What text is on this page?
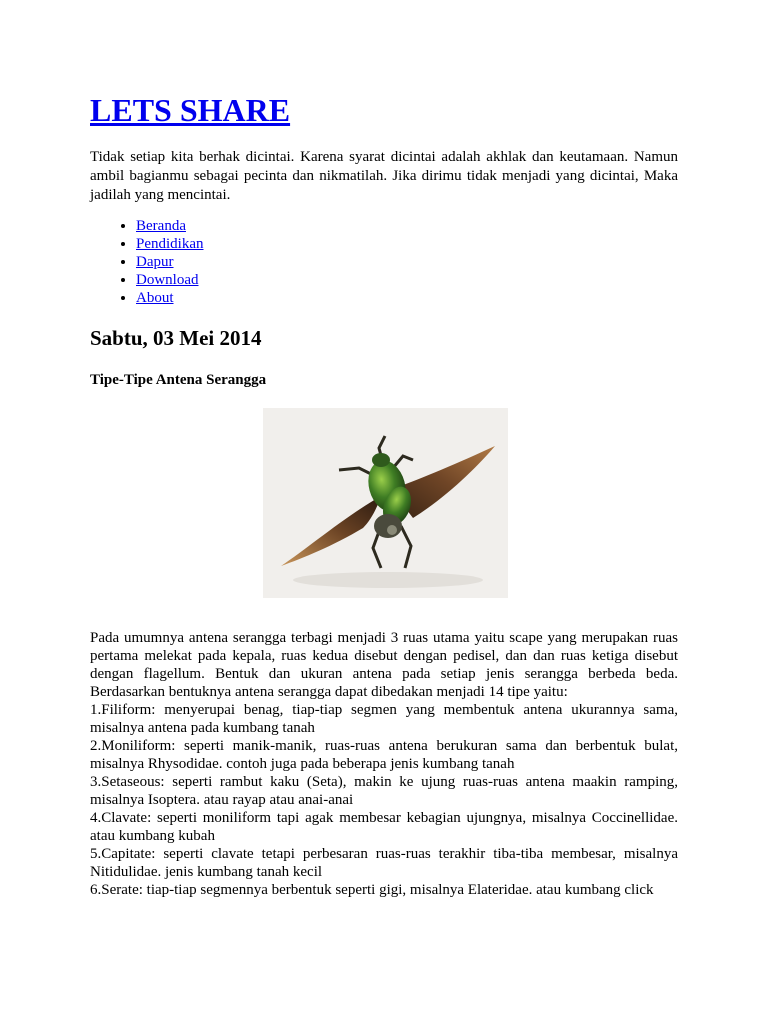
LETS SHARE

Tidak setiap kita berhak dicintai. Karena syarat dicintai adalah akhlak dan keutamaan. Namun ambil bagianmu sebagai pecinta dan nikmatilah. Jika dirimu tidak menjadi yang dicintai, Maka jadilah yang mencintai.

• Beranda
• Pendidikan
• Dapur
• Download
• About
Sabtu, 03 Mei 2014
Tipe-Tipe Antena Serangga

Pada umumnya antena serangga terbagi menjadi 3 ruas utama yaitu scape yang merupakan ruas pertama melekat pada kepala, ruas kedua disebut dengan pedisel, dan dan ruas ketiga disebut dengan flagellum. Bentuk dan ukuran antena pada setiap jenis serangga berbeda beda. Berdasarkan bentuknya antena serangga dapat dibedakan menjadi 14 tipe yaitu:

1.Filiform: menyerupai benag, tiap-tiap segmen yang membentuk antena ukurannya sama, misalnya antena pada kumbang tanah

2.Moniliform: seperti manik-manik, ruas-ruas antena berukuran sama dan berbentuk bulat, misalnya Rhysodidae. contoh juga pada beberapa jenis kumbang tanah

3.Setaseous: seperti rambut kaku (Seta), makin ke ujung ruas-ruas antena maakin ramping, misalnya Isoptera. atau rayap atau anai-anai

4.Clavate: seperti moniliform tapi agak membesar kebagian ujungnya, misalnya Coccinellidae. atau kumbang kubah

5.Capitate: seperti clavate tetapi perbesaran ruas-ruas terakhir tiba-tiba membesar, misalnya Nitidulidae. jenis kumbang tanah kecil

6.Serate: tiap-tiap segmennya berbentuk seperti gigi, misalnya Elateridae. atau kumbang click
